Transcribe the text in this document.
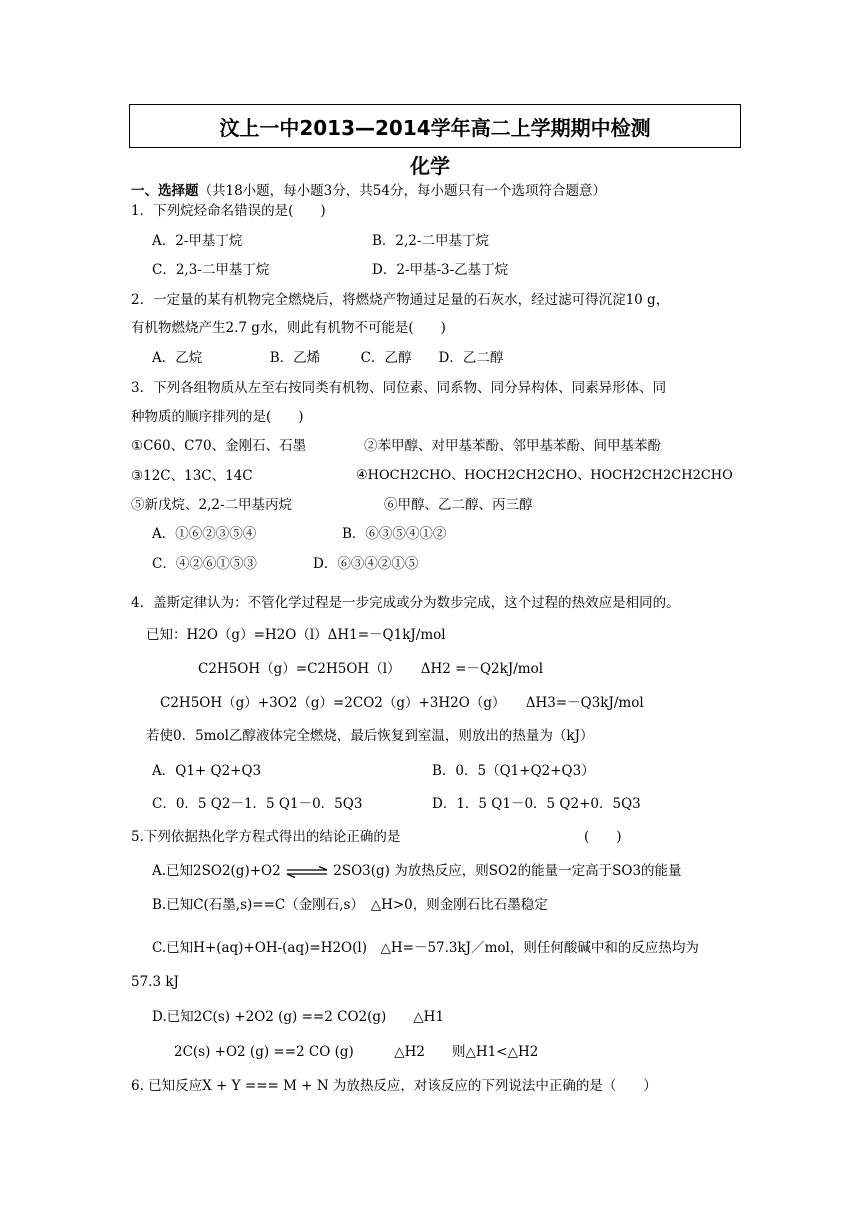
汶上一中2013—2014学年高二上学期期中检测
化学
一、选择题（共18小题，每小题3分，共54分，每小题只有一个选项符合题意）
1．下列烷烃命名错误的是(　　)
A．2-甲基丁烷	B．2,2-二甲基丁烷
C．2,3-二甲基丁烷	D．2-甲基-3-乙基丁烷
2．一定量的某有机物完全燃烧后，将燃烧产物通过足量的石灰水，经过滤可得沉淀10 g，
有机物燃烧产生2.7 g水，则此有机物不可能是(　　)
A．乙烷　　　　　B．乙烯　　　C．乙醇　　D．乙二醇
3．下列各组物质从左至右按同类有机物、同位素、同系物、同分异构体、同素异形体、同
种物质的顺序排列的是(　　)
①C60、C70、金刚石、石墨	②苯甲醇、对甲基苯酚、邻甲基苯酚、间甲基苯酚
③12C、13C、14C	④HOCH2CHO、HOCH2CH2CHO、HOCH2CH2CH2CHO
⑤新戊烷、2,2-二甲基丙烷	⑥甲醇、乙二醇、丙三醇
A．①⑥②③⑤④	B．⑥③⑤④①②
C．④②⑥①⑤③	D．⑥③④②①⑤
4．盖斯定律认为：不管化学过程是一步完成或分为数步完成，这个过程的热效应是相同的。
已知：H2O（g）=H2O（l）ΔH1=－Q1kJ/mol
C2H5OH（g）=C2H5OH（l）　　ΔH2 =－Q2kJ/mol
C2H5OH（g）+3O2（g）=2CO2（g）+3H2O（g）　　ΔH3=－Q3kJ/mol
若使0．5mol乙醇液体完全燃烧，最后恢复到室温，则放出的热量为（kJ）
A．Q1+ Q2+Q3	B．0．5（Q1+Q2+Q3）
C．0．5 Q2－1．5 Q1－0．5Q3	D．1．5 Q1－0．5 Q2+0．5Q3
5.下列依据热化学方程式得出的结论正确的是	(　　)
A.已知2SO2(g)+O2 ⇌ 2SO3(g) 为放热反应，则SO2的能量一定高于SO3的能量
B.已知C(石墨,s)==C（金刚石,s）　△H>0，则金刚石比石墨稳定
C.已知H+(aq)+OH-(aq)=H2O(l)　△H=－57.3kJ／mol，则任何酸碱中和的反应热均为
57.3 kJ
D.已知2C(s) +2O2 (g) ==2 CO2(g)　　△H1
2C(s) +O2 (g) ==2 CO (g)　　　△H2　　则△H1<△H2
6. 已知反应X + Y === M + N 为放热反应，对该反应的下列说法中正确的是（　　）
